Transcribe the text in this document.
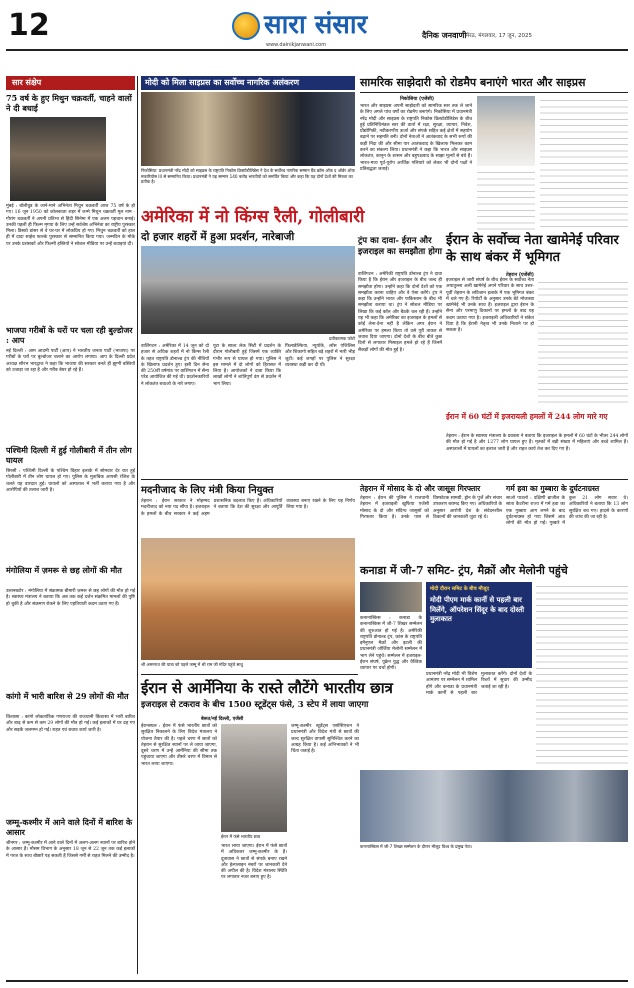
12	सारा संसार
www.dainikjanwani.com
दैनिक जनवाणी मेरठ, मंगलवार, 17 जून, 2025
सार संक्षेप
75 वर्ष के हुए मिथुन चक्रवर्ती, चाहने वालों ने दी बधाई
मुंबई : बॉलीवुड के जाने-माने अभिनेता मिथुन चक्रवर्ती आज 75 वर्ष के हो गए। 16 जून 1950 को कोलकाता शहर में जन्मे मिथुन चक्रवर्ती मूल नाम - गौरांग चक्रवर्ती ने अपनी प्रतिभा से हिंदी सिनेमा में एक अलग पहचान बनाई। उनकी पहली ही फिल्म मृगया के लिए उन्हें सर्वश्रेष्ठ अभिनेता का राष्ट्रीय पुरस्कार मिला। डिस्को डांसर से वे घर-घर में लोकप्रिय हो गए। मिथुन चक्रवर्ती को हाल ही में दादा साहेब फाल्के पुरस्कार से सम्मानित किया गया। जन्मदिन के मौके पर उनके प्रशंसकों और फिल्मी हस्तियों ने सोशल मीडिया पर उन्हें बधाइयां दीं।
भाजपा गरीबों के घरों पर चला रही बुल्डोजर : आप
नई दिल्ली : आम आदमी पार्टी (आप) ने भारतीय जनता पार्टी (भाजपा) पर गरीबों के घरों पर बुल्डोजर चलाने का आरोप लगाया। आप के दिल्ली प्रदेश अध्यक्ष सौरभ भारद्वाज ने कहा कि भाजपा की सरकार बनते ही झुग्गी बस्तियों को उजाड़ा जा रहा है और गरीब बेघर हो रहे हैं।
पश्चिमी दिल्ली में हुई गोलीबारी में तीन लोग घायल
सिरसी : पश्चिमी दिल्ली के पश्चिम विहार इलाके में सोमवार देर रात हुई गोलीबारी में तीन लोग घायल हो गए। पुलिस के मुताबिक आपसी रंजिश के चलते यह वारदात हुई। घायलों को अस्पताल में भर्ती कराया गया है और आरोपियों की तलाश जारी है।
मंगोलिया में ज़मरू से छह लोगों की मौत
उलानबटोर : मंगोलिया में संक्रामक बीमारी ज़मरू से छह लोगों की मौत हो गई है। स्वास्थ्य मंत्रालय ने बताया कि अब तक कई दर्जन संक्रमित मामलों की पुष्टि हो चुकी है और संक्रमण रोकने के लिए एहतियाती कदम उठाए गए हैं।
कांगो में भारी बारिश से 29 लोगों की मौत
किंशासा : कांगो लोकतांत्रिक गणराज्य की राजधानी किंशासा में भारी बारिश और बाढ़ से कम से कम 29 लोगों की मौत हो गई। कई इलाकों में घर ढह गए और सड़कें जलमग्न हो गईं। राहत एवं बचाव कार्य जारी है।
जम्मू-कश्मीर में आने वाले दिनों में बारिश के आसार
श्रीनगर : जम्मू-कश्मीर में आने वाले दिनों में अलग-अलग स्थानों पर बारिश होने के आसार हैं। मौसम विभाग के अनुसार 18 जून से 22 जून तक कई इलाकों में गरज के साथ बौछारें पड़ सकती हैं जिससे गर्मी से राहत मिलने की उम्मीद है।
मोदी को मिला साइप्रस का सर्वोच्च नागरिक अलंकरण
निकोसिया: प्रधानमंत्री नरेंद्र मोदी को साइप्रस के राष्ट्रपति निकोस क्रिस्टोडौलिडेस ने देश के सर्वोच्च नागरिक सम्मान ग्रैंड क्रॉस ऑफ द ऑर्डर ऑफ मकारियोस III से सम्मानित किया। प्रधानमंत्री ने यह सम्मान 140 करोड़ भारतीयों को समर्पित किया और कहा कि यह दोनों देशों की मित्रता का प्रतीक है।
सामरिक साझेदारी को रोडमैप बनाएंगे भारत और साइप्रस
निकोसिया (एजेंसी)
भारत और साइप्रस अपनी साझेदारी को सामरिक स्तर तक ले जाने के लिए अगले पांच वर्षों का रोडमैप बनाएंगे। निकोसिया में प्रधानमंत्री नरेंद्र मोदी और साइप्रस के राष्ट्रपति निकोस क्रिस्टोडौलिडेस के बीच हुई प्रतिनिधिमंडल स्तर की वार्ता में रक्षा, सुरक्षा, व्यापार, निवेश, प्रौद्योगिकी, नवीकरणीय ऊर्जा और संपर्क सहित कई क्षेत्रों में सहयोग बढ़ाने पर सहमति बनी। दोनों नेताओं ने आतंकवाद के सभी रूपों की कड़ी निंदा की और सीमा पार आतंकवाद के खिलाफ मिलकर काम करने का संकल्प लिया। प्रधानमंत्री ने कहा कि भारत और साइप्रस लोकतंत्र, कानून के शासन और बहुपक्षवाद के साझा मूल्यों से बंधे हैं। भारत-मध्य पूर्व-यूरोप आर्थिक गलियारे को लेकर भी दोनों पक्षों ने प्रतिबद्धता जताई।
अमेरिका में नो किंग्स रैली, गोलीबारी
दो हजार शहरों में हुआ प्रदर्शन, नारेबाजी
प्रतीकात्मक फोटो
वाशिंगटन : अमेरिका में 14 जून को दो हजार से अधिक शहरों में नो किंग्स रैली के तहत राष्ट्रपति डोनाल्ड ट्रंप की नीतियों के खिलाफ प्रदर्शन हुए। इसी दिन सेना की 250वीं वर्षगांठ पर वाशिंगटन में सैन्य परेड आयोजित की गई थी। प्रदर्शनकारियों ने लोकतंत्र बचाओ के नारे लगाए।
यूटा के साल्ट लेक सिटी में प्रदर्शन के दौरान गोलीबारी हुई जिसमें एक व्यक्ति गंभीर रूप से घायल हो गया। पुलिस ने इस मामले में दो लोगों को हिरासत में लिया है। आयोजकों ने दावा किया कि लाखों लोगों ने शांतिपूर्ण ढंग से प्रदर्शन में भाग लिया।
फिलाडेल्फिया, न्यूयॉर्क, लॉस एंजिलिस और शिकागो सहित बड़े शहरों में भारी भीड़ जुटी। कई जगहों पर पुलिस ने सुरक्षा व्यवस्था कड़ी कर दी थी।
ट्रंप का दावा- ईरान और इजराइल का समझौता होगा
वाशिंगटन : अमेरिकी राष्ट्रपति डोनाल्ड ट्रंप ने दावा किया है कि ईरान और इजराइल के बीच जल्द ही समझौता होगा। उन्होंने कहा कि दोनों देशों को एक समझौता करना चाहिए और वे ऐसा करेंगे। ट्रंप ने कहा कि उन्होंने भारत और पाकिस्तान के बीच भी समझौता कराया था। ट्रंप ने सोशल मीडिया पर लिखा कि कई कॉल और बैठकें चल रही हैं। उन्होंने यह भी कहा कि अमेरिका का इजराइल के हमलों से कोई लेना-देना नहीं है लेकिन अगर ईरान ने अमेरिका पर हमला किया तो उसे पूरी ताकत से जवाब दिया जाएगा। दोनों देशों के बीच बीते कुछ दिनों से लगातार मिसाइल हमले हो रहे हैं जिनमें सैकड़ों लोगों की मौत हुई है।
ईरान के सर्वोच्च नेता खामेनेई परिवार के साथ बंकर में भूमिगत
तेहरान (एजेंसी)
इजराइल से जारी संघर्ष के बीच ईरान के सर्वोच्च नेता अयातुल्ला अली खामेनेई अपने परिवार के साथ उत्तर-पूर्वी तेहरान के लविजान इलाके में एक भूमिगत बंकर में चले गए हैं। रिपोर्टों के अनुसार उनके बेटे मोजतबा खामेनेई भी उनके साथ हैं। इजराइल द्वारा ईरान के सैन्य और परमाणु ठिकानों पर हमलों के बाद यह कदम उठाया गया है। इजराइली अधिकारियों ने संकेत दिया है कि ईरानी नेतृत्व भी उनके निशाने पर हो सकता है।
ईरान में 60 घंटों में इजरायली हमलों में 244 लोग मारे गए
तेहरान : ईरान के स्वास्थ्य मंत्रालय के प्रवक्ता ने बताया कि इजराइल के हमलों में 60 घंटों के भीतर 244 लोगों की मौत हो गई है और 1277 लोग घायल हुए हैं। मृतकों में बड़ी संख्या में महिलाएं और बच्चे शामिल हैं। अस्पतालों में घायलों का इलाज जारी है और राहत कार्य तेज कर दिए गए हैं।
मदनीजाद के लिए मंत्री किया नियुक्त
तेहरान : ईरान सरकार ने मोहम्मद मदनीजाद को नया पद सौंपा है। इजराइल के हमलों के बीच सरकार ने कई अहम प्रशासनिक बदलाव किए हैं। अधिकारियों ने बताया कि देश की सुरक्षा और आपूर्ति व्यवस्था बनाए रखने के लिए यह निर्णय लिया गया है।
तेहरान में मोसाद के दो और जासूस गिरफ्तार
तेहरान : ईरान की पुलिस ने राजधानी तेहरान में इजराइली खुफिया एजेंसी मोसाद के दो और संदिग्ध जासूसों को गिरफ्तार किया है। उनके पास से विस्फोटक सामग्री, ड्रोन के पुर्जे और संचार उपकरण बरामद किए गए। अधिकारियों के अनुसार आरोपी देश के संवेदनशील ठिकानों की जानकारी जुटा रहे थे।
गर्म हवा का गुब्बारा के दुर्घटनाग्रस्त
साओ पाउलो : दक्षिणी ब्राजील के सांता कैटरीना राज्य में गर्म हवा का एक गुब्बारा आग लगने के बाद दुर्घटनाग्रस्त हो गया जिसमें आठ लोगों की मौत हो गई। गुब्बारे में कुल 21 लोग सवार थे। अधिकारियों ने बताया कि 13 लोग सुरक्षित बच गए। हादसे के कारणों की जांच की जा रही है।
श्री अमरनाथ की यात्रा को पहले जम्मू में श्री राम जी मंदिर पहुंचे साधु
कनाडा में जी-7 समिट- ट्रंप, मैक्रों और मेलोनी पहुंचे
कनानास्किस : कनाडा के कनानास्किस में जी-7 शिखर सम्मेलन की शुरुआत हो गई है। अमेरिकी राष्ट्रपति डोनाल्ड ट्रंप, फ्रांस के राष्ट्रपति इमैनुएल मैक्रों और इटली की प्रधानमंत्री जॉर्जिया मेलोनी सम्मेलन में भाग लेने पहुंचे। सम्मेलन में इजराइल-ईरान संघर्ष, यूक्रेन युद्ध और वैश्विक व्यापार पर चर्चा होगी।
मोदी दौरान समिट के बीच मौजूद
मोदी पीएम मार्क कार्नी से पहली बार मिलेंगे, ऑपरेशन सिंदूर के बाद दोस्ती मुलाकात
प्रधानमंत्री नरेंद्र मोदी भी विशेष आमंत्रण पर सम्मेलन में शामिल होंगे और कनाडा के प्रधानमंत्री मार्क कार्नी से पहली बार मुलाकात करेंगे। दोनों देशों के रिश्तों में सुधार की उम्मीद जताई जा रही है।
कनानास्किस में जी-7 शिखर सम्मेलन के दौरान मौजूद विश्व के प्रमुख नेता।
ईरान से आर्मेनिया के रास्ते लौटेंगे भारतीय छात्र
इजराइल से टकराव के बीच 1500 स्टूडेंट्स फंसे, 3 स्टेप में लाया जाएगा
बेरूत/नई दिल्ली, एजेंसी
ईरानस्थल : ईरान में फंसे भारतीय छात्रों को सुरक्षित निकालने के लिए विदेश मंत्रालय ने योजना तैयार की है। पहले चरण में छात्रों को तेहरान से सुरक्षित स्थानों पर ले जाया जाएगा, दूसरे चरण में उन्हें आर्मेनिया की सीमा तक पहुंचाया जाएगा और तीसरे चरण में विमान से भारत लाया जाएगा।
ईरान में फंसे भारतीय छात्र
भारत लाया जाएगा। ईरान में फंसे छात्रों में अधिकतर जम्मू-कश्मीर के हैं। दूतावास ने छात्रों से संपर्क बनाए रखने और हेल्पलाइन नंबरों पर जानकारी देने की अपील की है। विदेश मंत्रालय स्थिति पर लगातार नजर बनाए हुए है।
जम्मू-कश्मीर स्टूडेंट्स एसोसिएशन ने प्रधानमंत्री और विदेश मंत्री से छात्रों की जल्द सुरक्षित वापसी सुनिश्चित करने का आग्रह किया है। कई अभिभावकों ने भी चिंता जताई है।
